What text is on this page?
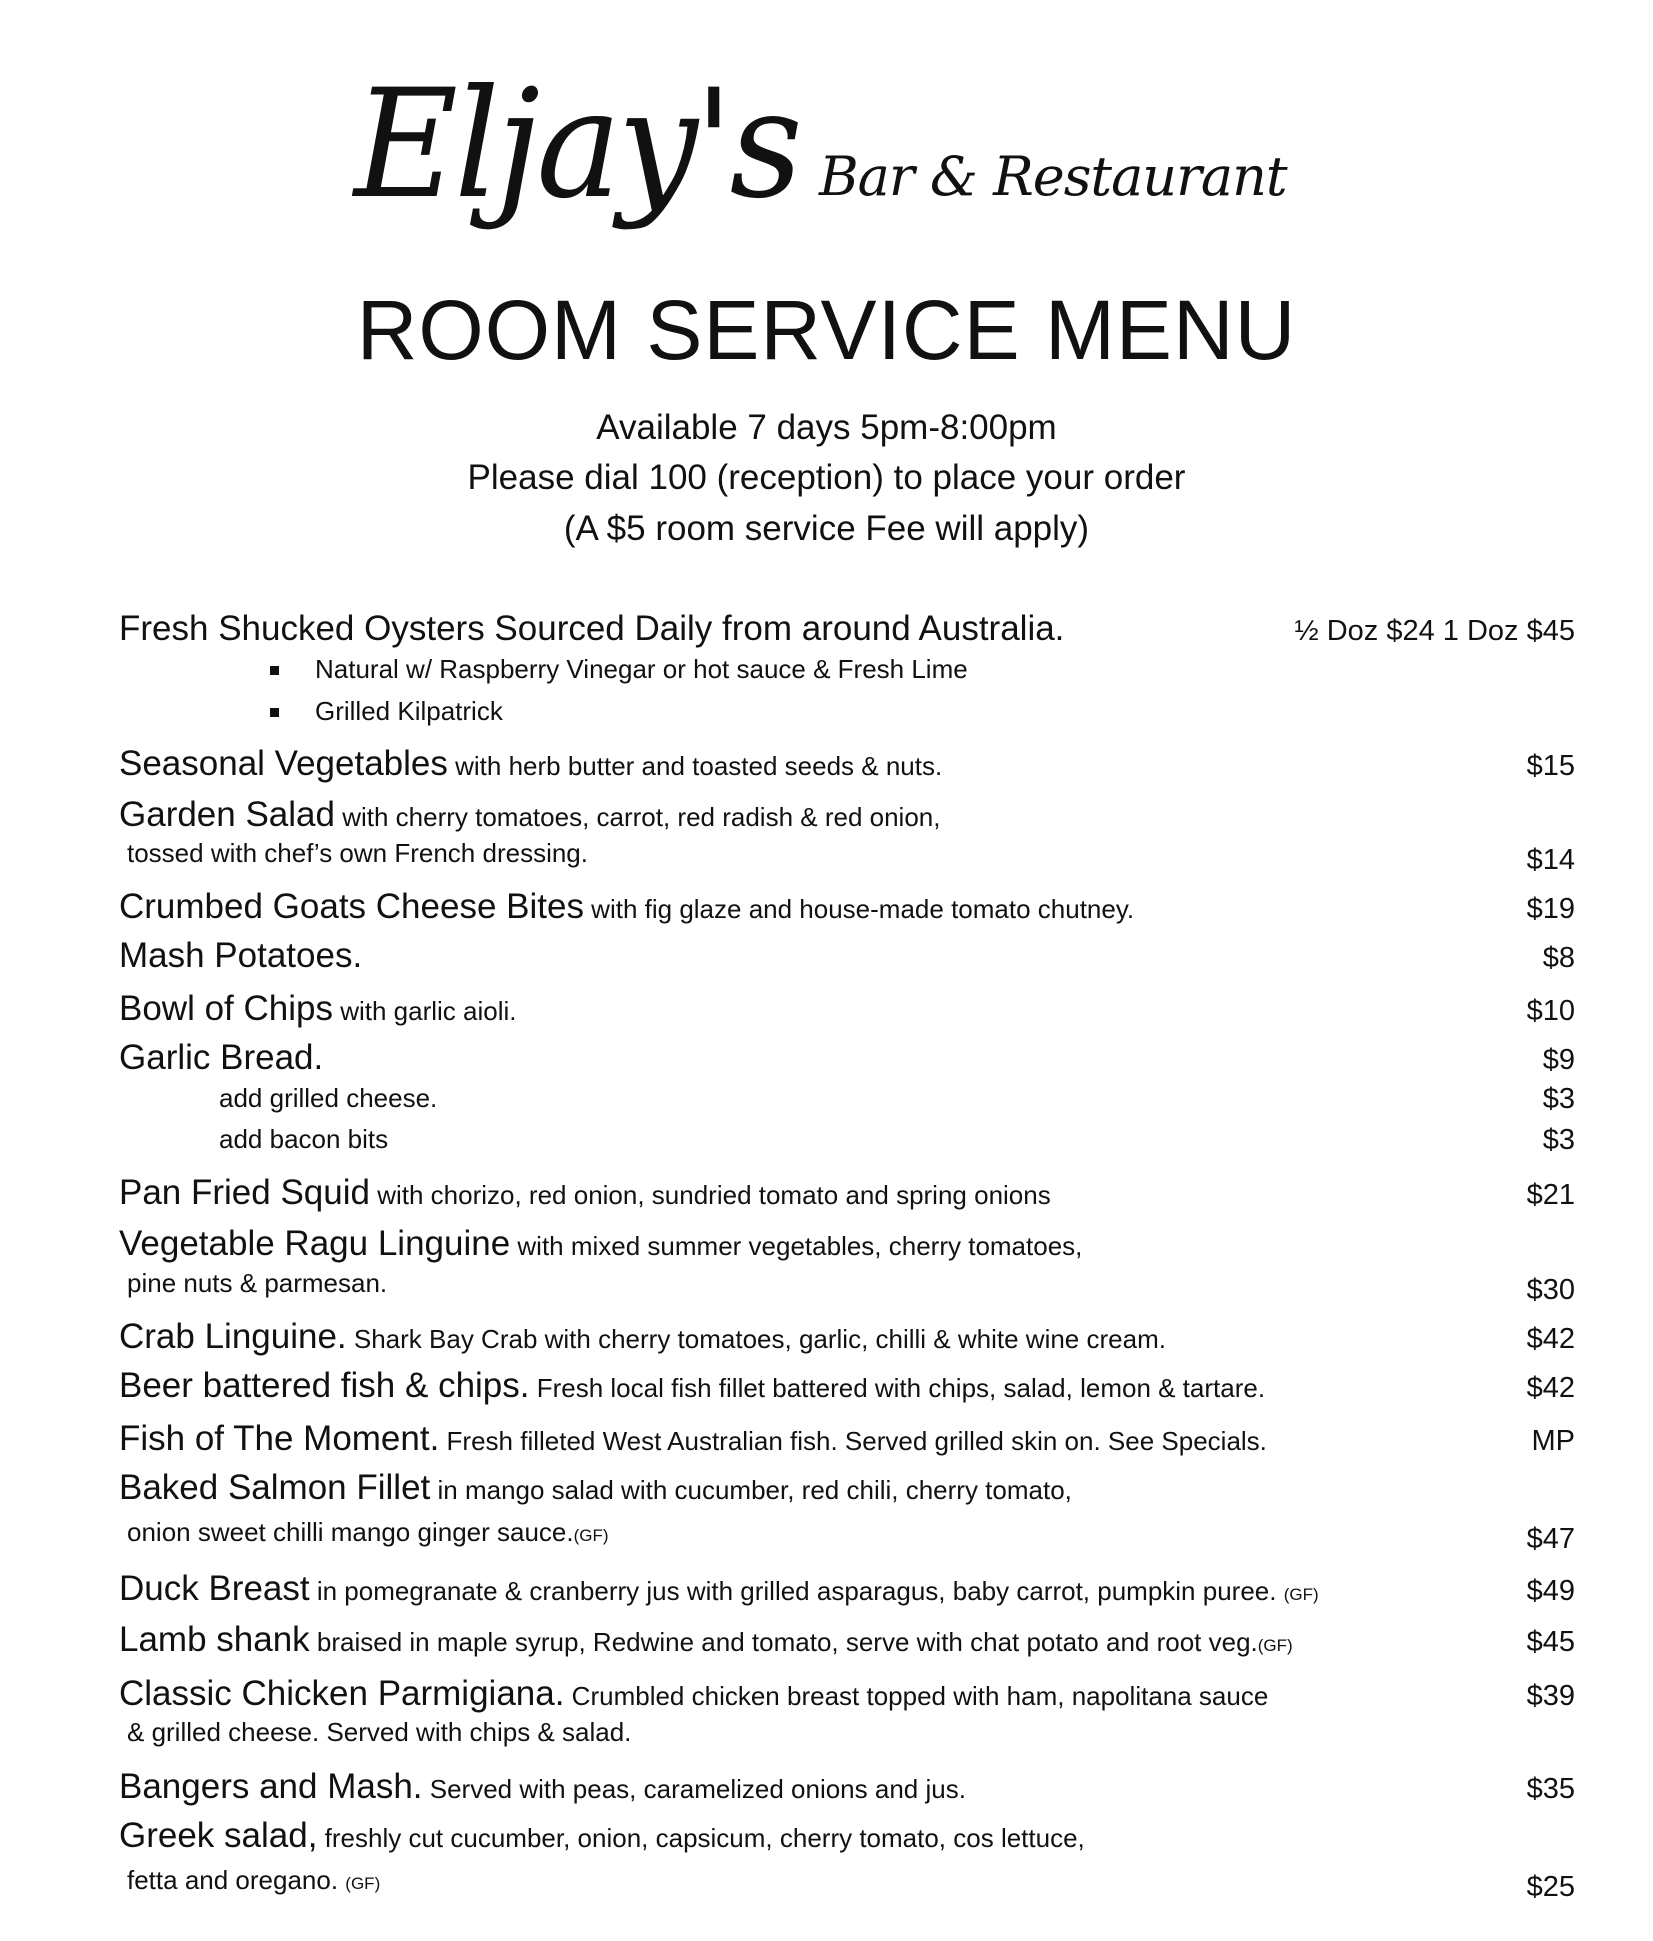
Eljay's Bar & Restaurant
ROOM SERVICE MENU
Available 7 days 5pm-8:00pm
Please dial 100 (reception) to place your order
(A $5 room service Fee will apply)
Fresh Shucked Oysters Sourced Daily from around Australia.	½ Doz $24 1 Doz $45
Natural w/ Raspberry Vinegar or hot sauce & Fresh Lime
Grilled Kilpatrick
Seasonal Vegetables with herb butter and toasted seeds & nuts.	$15
Garden Salad with cherry tomatoes, carrot, red radish & red onion,
tossed with chef’s own French dressing.	$14
Crumbed Goats Cheese Bites with fig glaze and house-made tomato chutney.	$19
Mash Potatoes.	$8
Bowl of Chips with garlic aioli.	$10
Garlic Bread.	$9
add grilled cheese.	$3
add bacon bits	$3
Pan Fried Squid with chorizo, red onion, sundried tomato and spring onions	$21
Vegetable Ragu Linguine with mixed summer vegetables, cherry tomatoes,
pine nuts & parmesan.	$30
Crab Linguine. Shark Bay Crab with cherry tomatoes, garlic, chilli & white wine cream.	$42
Beer battered fish & chips. Fresh local fish fillet battered with chips, salad, lemon & tartare.	$42
Fish of The Moment. Fresh filleted West Australian fish. Served grilled skin on. See Specials.	MP
Baked Salmon Fillet in mango salad with cucumber, red chili, cherry tomato,
onion sweet chilli mango ginger sauce.(GF)	$47
Duck Breast in pomegranate & cranberry jus with grilled asparagus, baby carrot, pumpkin puree. (GF)	$49
Lamb shank braised in maple syrup, Redwine and tomato, serve with chat potato and root veg.(GF)	$45
Classic Chicken Parmigiana. Crumbled chicken breast topped with ham, napolitana sauce	$39
& grilled cheese. Served with chips & salad.
Bangers and Mash. Served with peas, caramelized onions and jus.	$35
Greek salad, freshly cut cucumber, onion, capsicum, cherry tomato, cos lettuce,
fetta and oregano. (GF)	$25
